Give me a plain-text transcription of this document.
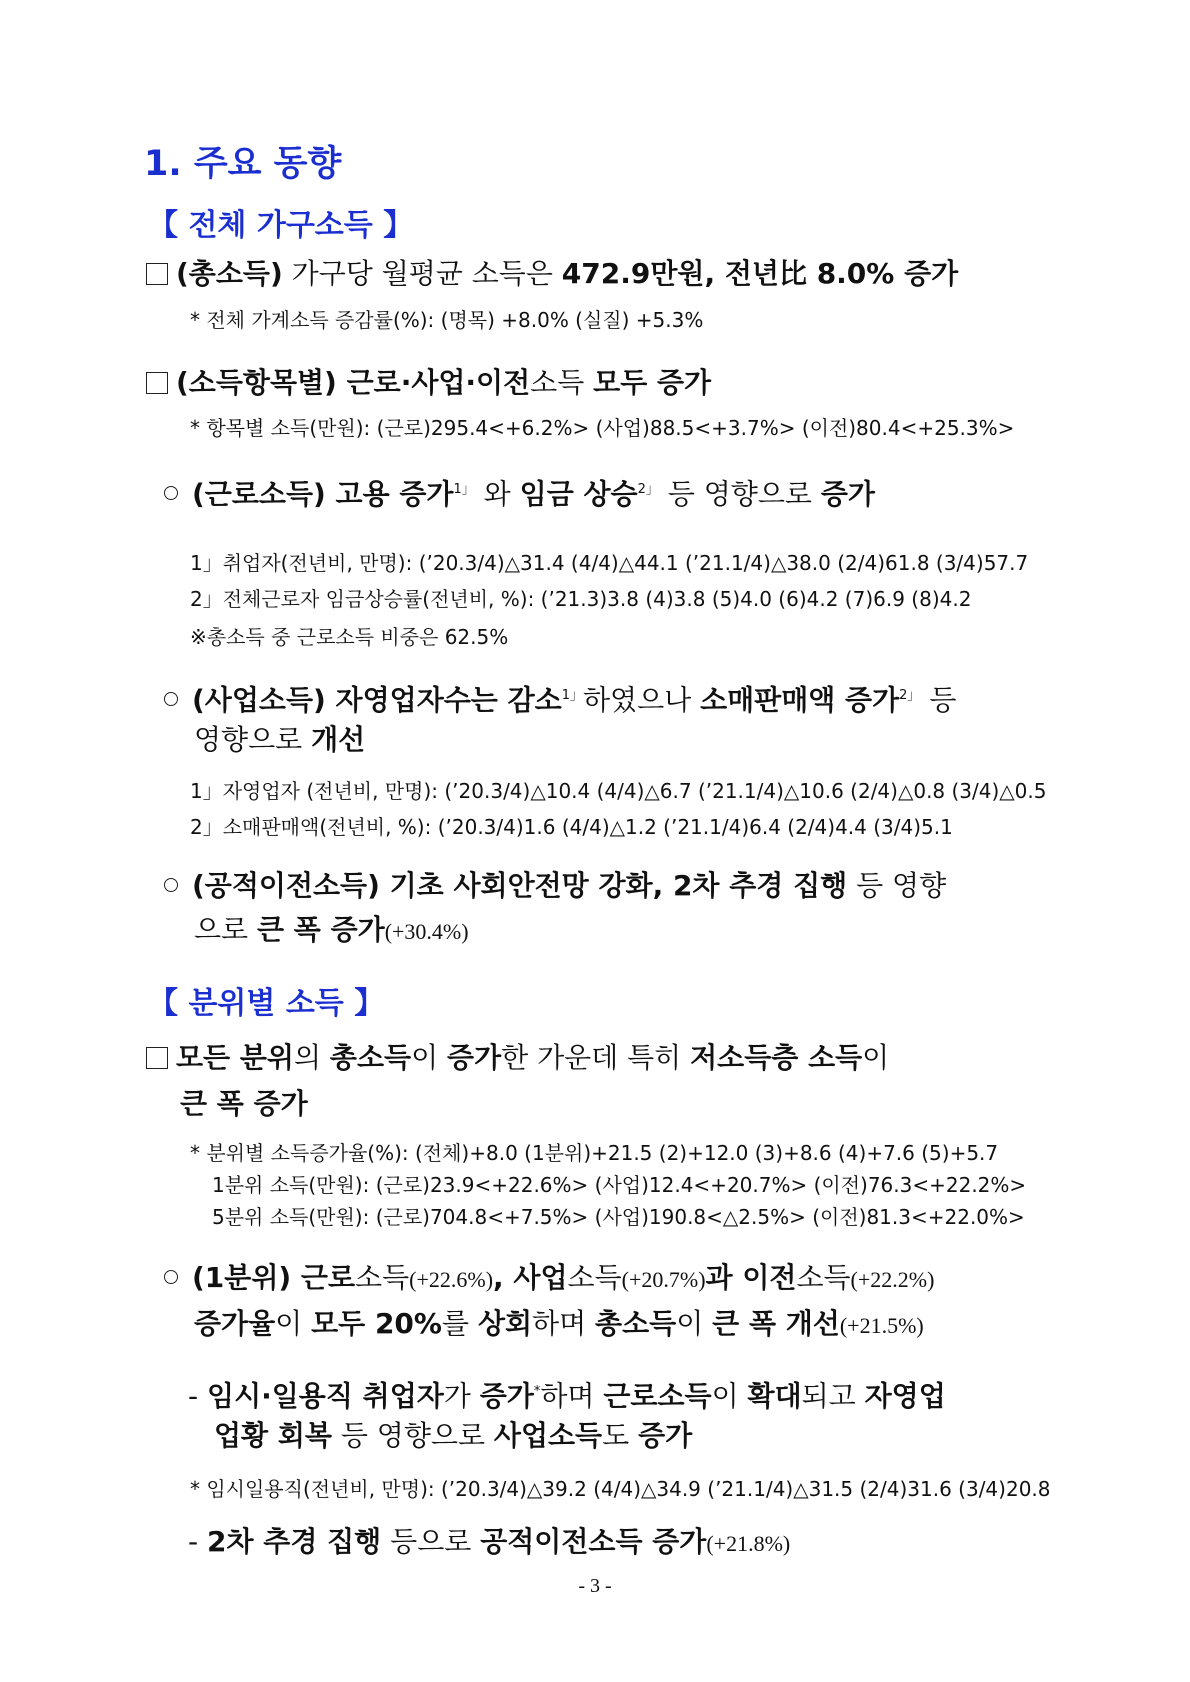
1. 주요 동향
【 전체 가구소득 】
(총소득) 가구당 월평균 소득은 472.9만원, 전년比 8.0% 증가
* 전체 가계소득 증감률(%): (명목) +8.0% (실질) +5.3%
(소득항목별) 근로·사업·이전소득 모두 증가
* 항목별 소득(만원): (근로)295.4<+6.2%> (사업)88.5<+3.7%> (이전)80.4<+25.3%>
(근로소득) 고용 증가$^{1」}$ 와 임금 상승$^{2」}$ 등 영향으로 증가
1」취업자(전년비, 만명): (’20.3/4)△31.4 (4/4)△44.1 (’21.1/4)△38.0 (2/4)61.8 (3/4)57.7
2」전체근로자 임금상승률(전년비, %): (’21.3)3.8 (4)3.8 (5)4.0 (6)4.2 (7)6.9 (8)4.2
※총소득 중 근로소득 비중은 62.5%
(사업소득) 자영업자수는 감소$^{1」}$하였으나 소매판매액 증가$^{2」}$ 등
영향으로 개선
1」자영업자 (전년비, 만명): (’20.3/4)△10.4 (4/4)△6.7 (’21.1/4)△10.6 (2/4)△0.8 (3/4)△0.5
2」소매판매액(전년비, %): (’20.3/4)1.6 (4/4)△1.2 (’21.1/4)6.4 (2/4)4.4 (3/4)5.1
(공적이전소득) 기초 사회안전망 강화, 2차 추경 집행 등 영향
으로 큰 폭 증가(+30.4%)
【 분위별 소득 】
모든 분위의 총소득이 증가한 가운데 특히 저소득층 소득이
큰 폭 증가
* 분위별 소득증가율(%): (전체)+8.0 (1분위)+21.5 (2)+12.0 (3)+8.6 (4)+7.6 (5)+5.7
1분위 소득(만원): (근로)23.9<+22.6%> (사업)12.4<+20.7%> (이전)76.3<+22.2%>
5분위 소득(만원): (근로)704.8<+7.5%> (사업)190.8<△2.5%> (이전)81.3<+22.0%>
(1분위) 근로소득(+22.6%), 사업소득(+20.7%)과 이전소득(+22.2%)
증가율이 모두 20%를 상회하며 총소득이 큰 폭 개선(+21.5%)
- 임시·일용직 취업자가 증가*하며 근로소득이 확대되고 자영업
업황 회복 등 영향으로 사업소득도 증가
* 임시일용직(전년비, 만명): (’20.3/4)△39.2 (4/4)△34.9 (’21.1/4)△31.5 (2/4)31.6 (3/4)20.8
- 2차 추경 집행 등으로 공적이전소득 증가(+21.8%)
- 3 -
